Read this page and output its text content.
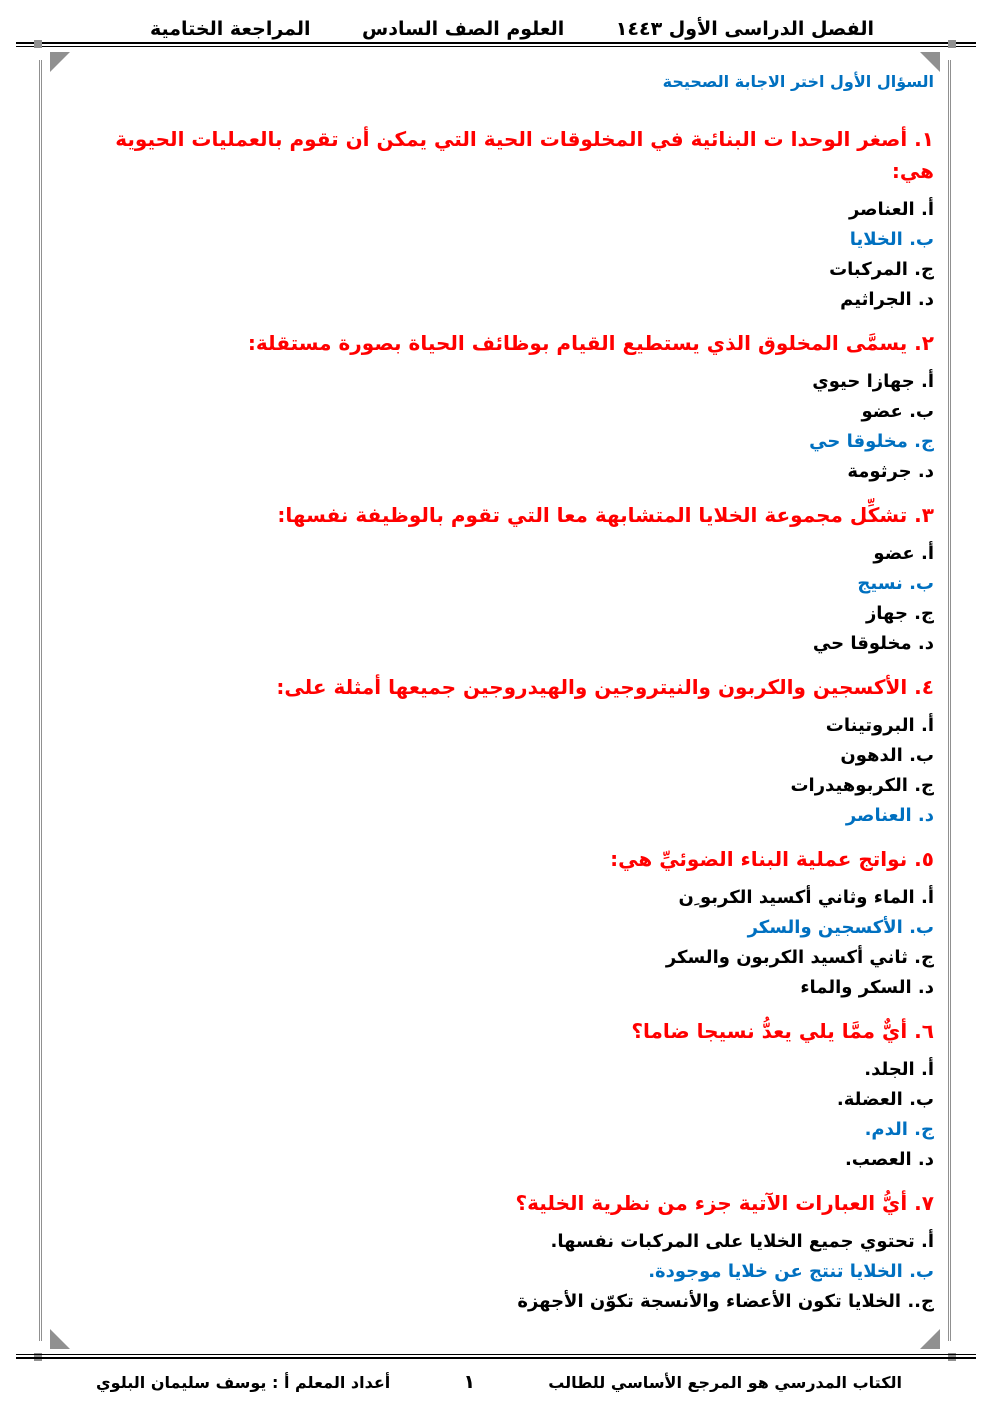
المراجعة الختامية	العلوم الصف السادس	الفصل الدراسى الأول ١٤٤٣
السؤال الأول اختر الاجابة الصحيحة
١. أصغر الوحدا ت البنائية في المخلوقات الحية التي يمكن أن تقوم بالعمليات الحيوية هي:
أ. العناصر
ب. الخلايا
ج. المركبات
د. الجراثيم
٢. يسمَّى المخلوق الذي يستطيع القيام بوظائف الحياة بصورة مستقلة:
أ. جهازا حيوي
ب. عضو
ج. مخلوقا حي
د. جرثومة
٣. تشكِّل مجموعة الخلايا المتشابهة معا التي تقوم بالوظيفة نفسها:
أ. عضو
ب. نسيج
ج. جهاز
د. مخلوقا حي
٤. الأكسجين والكربون والنيتروجين والهيدروجين جميعها أمثلة على:
أ. البروتينات
ب. الدهون
ج. الكربوهيدرات
د. العناصر
٥. نواتج عملية البناء الضوئيِّ هي:
أ. الماء وثاني أكسيد الكربو ِن
ب. الأكسجين والسكر
ج. ثاني أكسيد الكربون والسكر
د. السكر والماء
٦. أيٌّ ممَّا يلي يعدُّ نسيجا ضاما؟
أ. الجلد.
ب. العضلة.
ج. الدم.
د. العصب.
٧. أيُّ العبارات الآتية جزء من نظرية الخلية؟
أ. تحتوي جميع الخلايا على المركبات نفسها.
ب. الخلايا تنتج عن خلايا موجودة.
ج.. الخلايا تكون الأعضاء والأنسجة تكوّن الأجهزة
أعداد المعلم أ : يوسف سليمان البلوي	١	الكتاب المدرسي هو المرجع الأساسي للطالب
